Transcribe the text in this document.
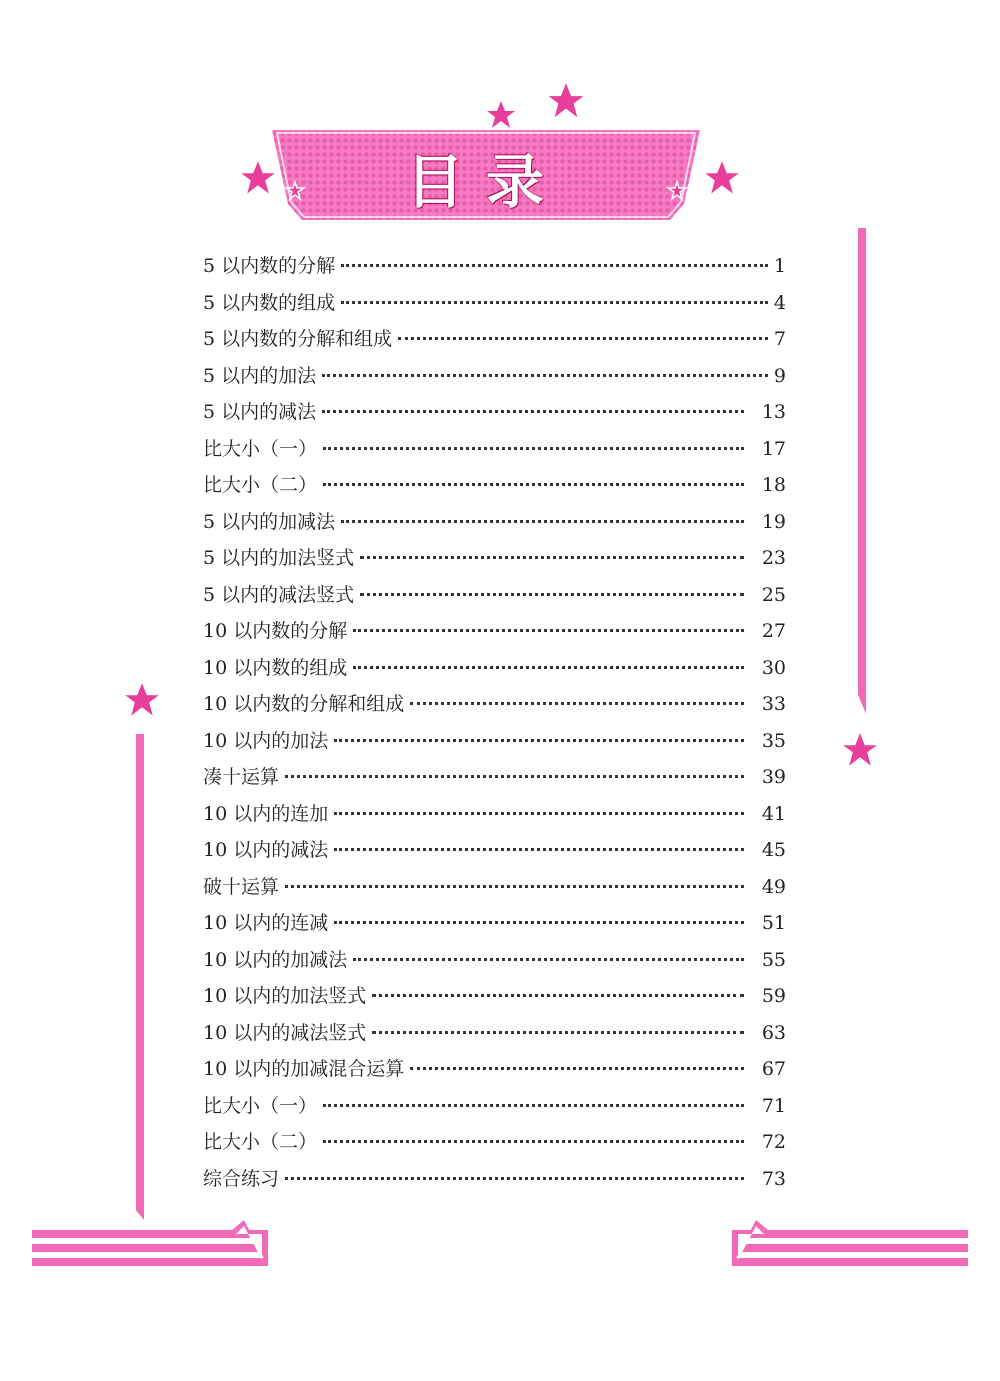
目录
5 以内数的分解	1
5 以内数的组成	4
5 以内数的分解和组成	7
5 以内的加法	9
5 以内的减法	13
比大小（一）	17
比大小（二）	18
5 以内的加减法	19
5 以内的加法竖式	23
5 以内的减法竖式	25
10 以内数的分解	27
10 以内数的组成	30
10 以内数的分解和组成	33
10 以内的加法	35
凑十运算	39
10 以内的连加	41
10 以内的减法	45
破十运算	49
10 以内的连减	51
10 以内的加减法	55
10 以内的加法竖式	59
10 以内的减法竖式	63
10 以内的加减混合运算	67
比大小（一）	71
比大小（二）	72
综合练习	73
